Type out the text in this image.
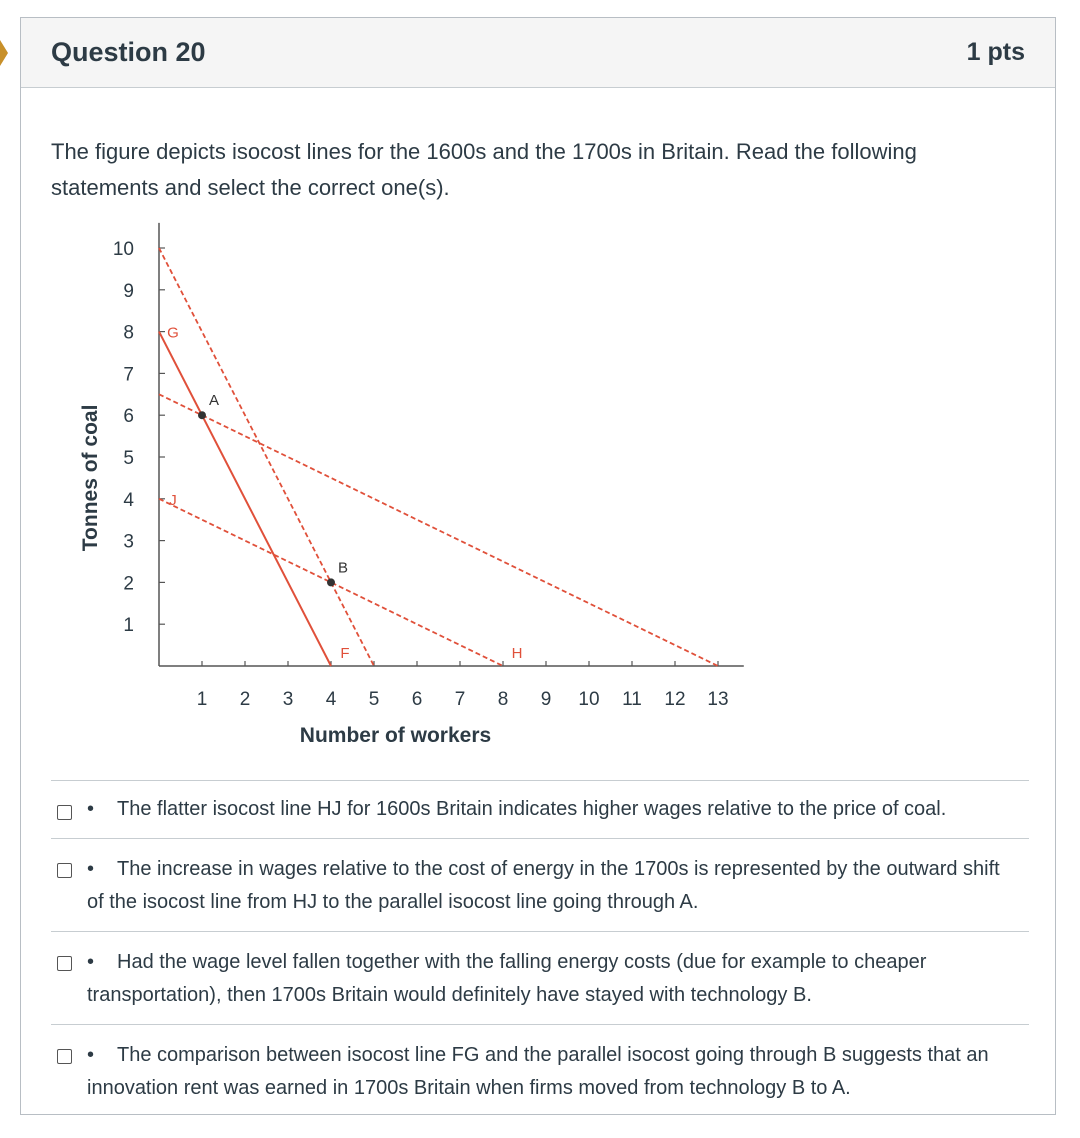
Question 20	1 pts
The figure depicts isocost lines for the 1600s and the 1700s in Britain. Read the following statements and select the correct one(s).
1
2
3
4
5
6
7
8
9
10
1 2 3 4 5 6 7 8 9 10 11 12 13
Number of workers
Tonnes of coal
A
B
G
J
F	H
• The flatter isocost line HJ for 1600s Britain indicates higher wages relative to the price of coal.
• The increase in wages relative to the cost of energy in the 1700s is represented by the outward shift of the isocost line from HJ to the parallel isocost line going through A.
• Had the wage level fallen together with the falling energy costs (due for example to cheaper transportation), then 1700s Britain would definitely have stayed with technology B.
• The comparison between isocost line FG and the parallel isocost going through B suggests that an innovation rent was earned in 1700s Britain when firms moved from technology B to A.
